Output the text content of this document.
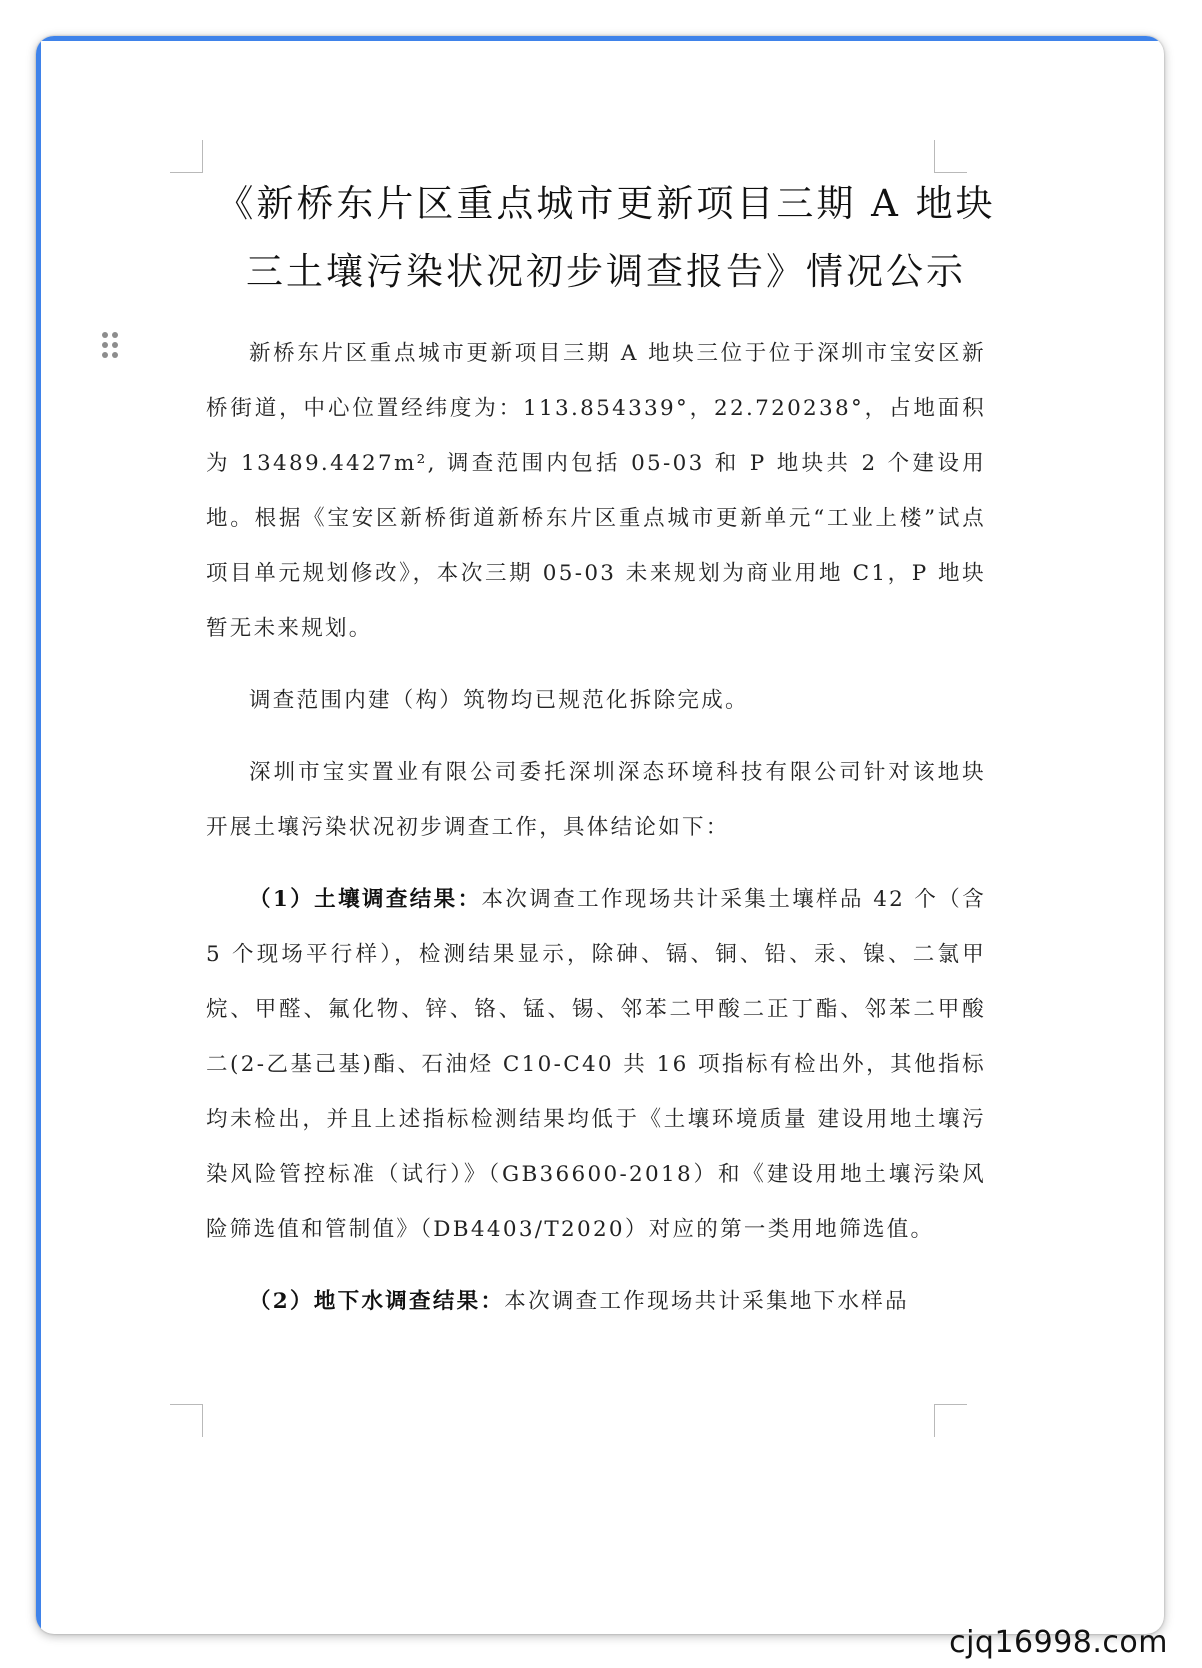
《新桥东片区重点城市更新项目三期 A 地块
三土壤污染状况初步调查报告》情况公示

新桥东片区重点城市更新项目三期 A 地块三位于位于深圳市宝安区新桥街道，中心位置经纬度为：113.854339°，22.720238°，占地面积为 13489.4427m², 调查范围内包括 05-03 和 P 地块共 2 个建设用地。根据《宝安区新桥街道新桥东片区重点城市更新单元“工业上楼”试点项目单元规划修改》，本次三期 05-03 未来规划为商业用地 C1，P 地块暂无未来规划。

调查范围内建（构）筑物均已规范化拆除完成。

深圳市宝实置业有限公司委托深圳深态环境科技有限公司针对该地块开展土壤污染状况初步调查工作，具体结论如下：

（1）土壤调查结果：本次调查工作现场共计采集土壤样品 42 个（含 5 个现场平行样），检测结果显示，除砷、镉、铜、铅、汞、镍、二氯甲烷、甲醛、氟化物、锌、铬、锰、锡、邻苯二甲酸二正丁酯、邻苯二甲酸二(2-乙基己基)酯、石油烃 C10-C40 共 16 项指标有检出外，其他指标均未检出，并且上述指标检测结果均低于《土壤环境质量 建设用地土壤污染风险管控标准（试行）》（GB36600-2018）和《建设用地土壤污染风险筛选值和管制值》（DB4403/T2020）对应的第一类用地筛选值。

（2）地下水调查结果：本次调查工作现场共计采集地下水样品

cjq16998.com
